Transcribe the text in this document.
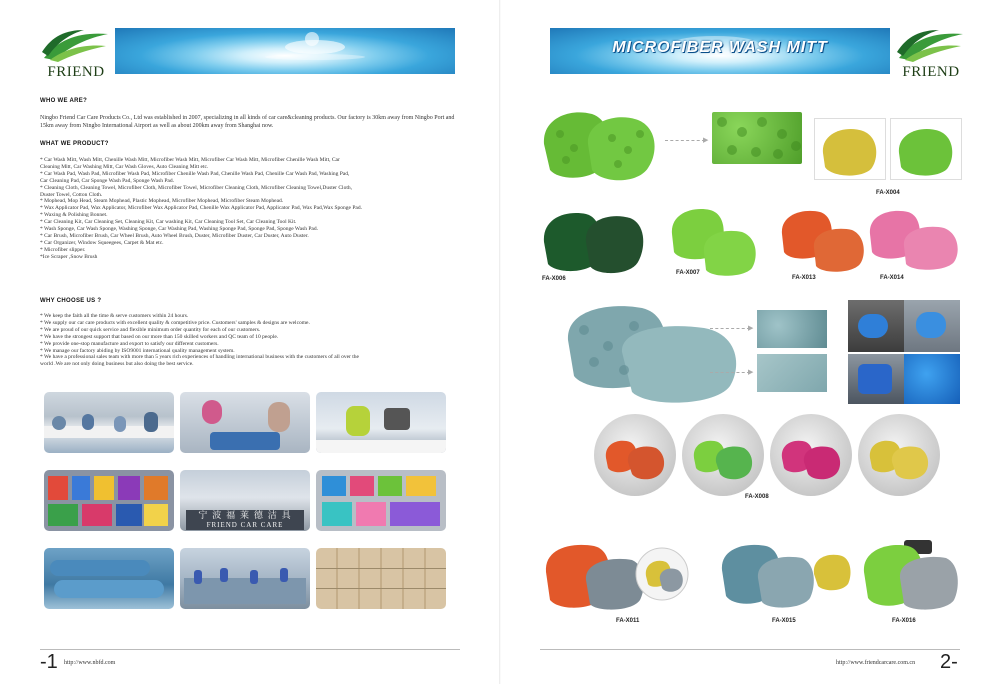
FRIEND
WHO WE ARE?
Ningbo Friend Car Care Products Co., Ltd was established in 2007, specializing in all kinds of car care&cleaning products. Our factory is 30km away from Ningbo Port and 15km away from Ningbo International Airport as well as about 200km away from Shanghai now.
WHAT WE PRODUCT?
* Car Wash Mitt, Wash Mitt, Chenille Wash Mitt, Microfiber Wash Mitt, Microfiber Car Wash Mitt, Microfiber Chenille Wash Mitt, Car
Cleaning Mitt, Car Washing Mitt, Car Wash Gloves, Auto Cleaning Mitt etc.
* Car Wash Pad, Wash Pad, Microfiber Wash Pad, Microfiber Chenille Wash Pad, Chenille Wash Pad, Chenille Car Wash Pad, Washing Pad,
Car Cleaning Pad, Car Sponge Wash Pad, Sponge Wash Pad.
* Cleaning Cloth, Cleaning Towel, Microfiber Cloth, Microfiber Towel, Microfiber Cleaning Cloth, Microfiber Cleaning Towel,Duster Cloth,
Duster Towel, Cotton Cloth.
* Mophead, Mop Head, Steam Mophead, Plastic Mophead, Microfiber Mophead, Microfiber Steam Mophead.
* Wax Applicator Pad, Wax Applicator, Microfiber Wax Applicator Pad, Chenille Wax Applicator Pad, Applicator Pad, Wax Pad,Wax Sponge Pad.
* Waxing & Polishing Bonnet.
* Car Cleaning Kit, Car Cleaning Set, Cleaning Kit, Car washing Kit, Car Cleaning Tool Set, Car Cleaning Tool Kit.
* Wash Sponge, Car Wash Sponge, Washing Sponge, Car Washing Pad, Washing Sponge Pad, Sponge Pad, Sponge Wash Pad.
* Car Brush, Microfiber Brush, Car Wheel Brush, Auto Wheel Brush, Duster, Microfiber Duster, Car Duster, Auto Duster.
* Car Organizer, Window Squeegees, Carpet & Mat etc.
* Microfiber slipper.
*Ice Scraper ,Snow Brush
WHY CHOOSE US ?
* We keep the faith all the time & serve customers within 24 hours.
* We supply our car care products with excellent quality & competitive price. Customers' samples & designs are welcome.
* We are proud of our quick service and flexible minimum order quantity for each of our customers.
* We have the strongest support that based on our more than 150 skilled workers and QC team of 10 people.
* We provide one-stop manufacture and export to satisfy our different customers.
* We manage our factory abiding by ISO9001 international quality management system.
* We have a professional sales team with more than 5 years rich experiences of handling international business with the customers of all over the
world .We are not only doing business but also doing the best service.
宁 波 福 莱 德 洁 具
FRIEND CAR CARE
-1 http://www.nbfd.com
MICROFIBER WASH MITT
FRIEND
▶
FA-X004
FA-X006
FA-X007
FA-X013	FA-X014
▶
▶
FA-X008
FA-X011	FA-X015	FA-X016
http://www.friendcarcare.com.cn 2-
